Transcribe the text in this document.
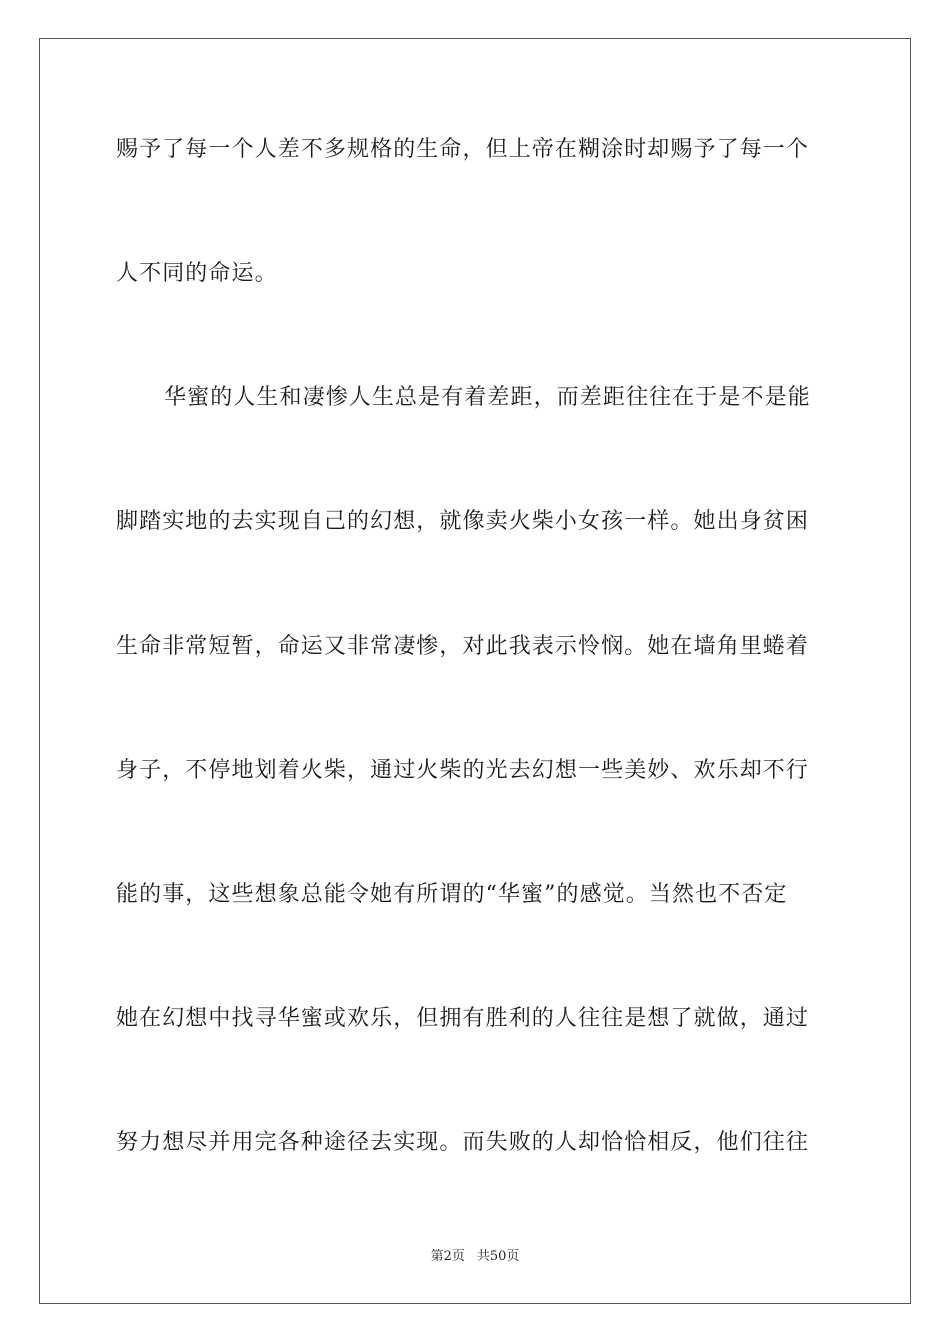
赐予了每一个人差不多规格的生命，但上帝在糊涂时却赐予了每一个
人不同的命运。
华蜜的人生和凄惨人生总是有着差距，而差距往往在于是不是能
脚踏实地的去实现自己的幻想，就像卖火柴小女孩一样。她出身贫困
生命非常短暂，命运又非常凄惨，对此我表示怜悯。她在墙角里蜷着
身子，不停地划着火柴，通过火柴的光去幻想一些美妙、欢乐却不行
能的事，这些想象总能令她有所谓的“华蜜”的感觉。当然也不否定
她在幻想中找寻华蜜或欢乐，但拥有胜利的人往往是想了就做，通过
努力想尽并用完各种途径去实现。而失败的人却恰恰相反，他们往往
第2页 共50页
